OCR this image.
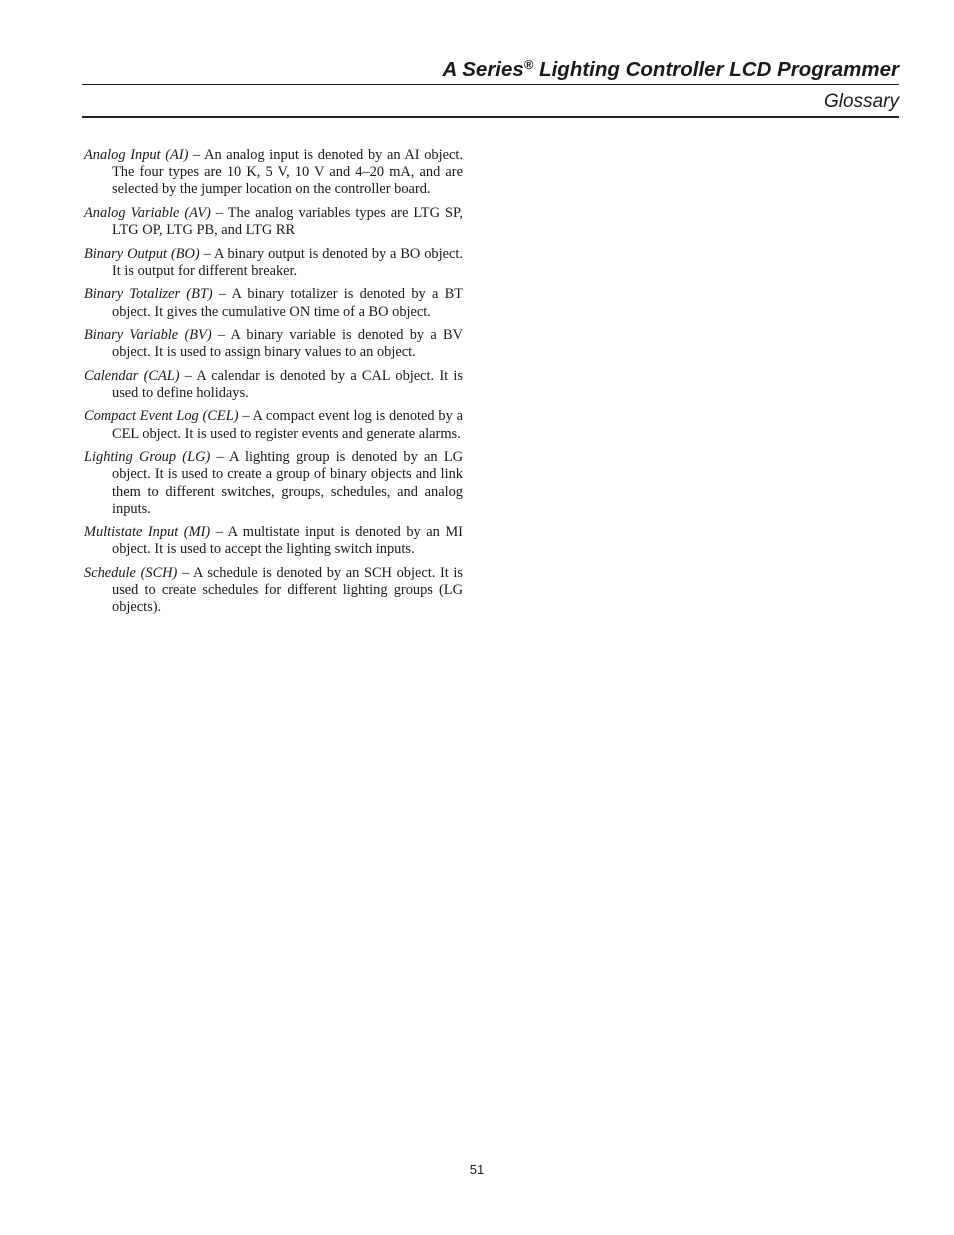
A Series® Lighting Controller LCD Programmer
Glossary

Analog Input (AI) – An analog input is denoted by an AI object. The four types are 10 K, 5 V, 10 V and 4–20 mA, and are selected by the jumper location on the controller board.

Analog Variable (AV) – The analog variables types are LTG SP, LTG OP, LTG PB, and LTG RR

Binary Output (BO) – A binary output is denoted by a BO object. It is output for different breaker.

Binary Totalizer (BT) – A binary totalizer is denoted by a BT object. It gives the cumulative ON time of a BO object.

Binary Variable (BV) – A binary variable is denoted by a BV object. It is used to assign binary values to an object.

Calendar (CAL) – A calendar is denoted by a CAL object. It is used to define holidays.

Compact Event Log (CEL) – A compact event log is denoted by a CEL object. It is used to register events and generate alarms.

Lighting Group (LG) – A lighting group is denoted by an LG object. It is used to create a group of binary objects and link them to different switches, groups, schedules, and analog inputs.

Multistate Input (MI) – A multistate input is denoted by an MI object. It is used to accept the lighting switch inputs.

Schedule (SCH) – A schedule is denoted by an SCH object. It is used to create schedules for different lighting groups (LG objects).

51
